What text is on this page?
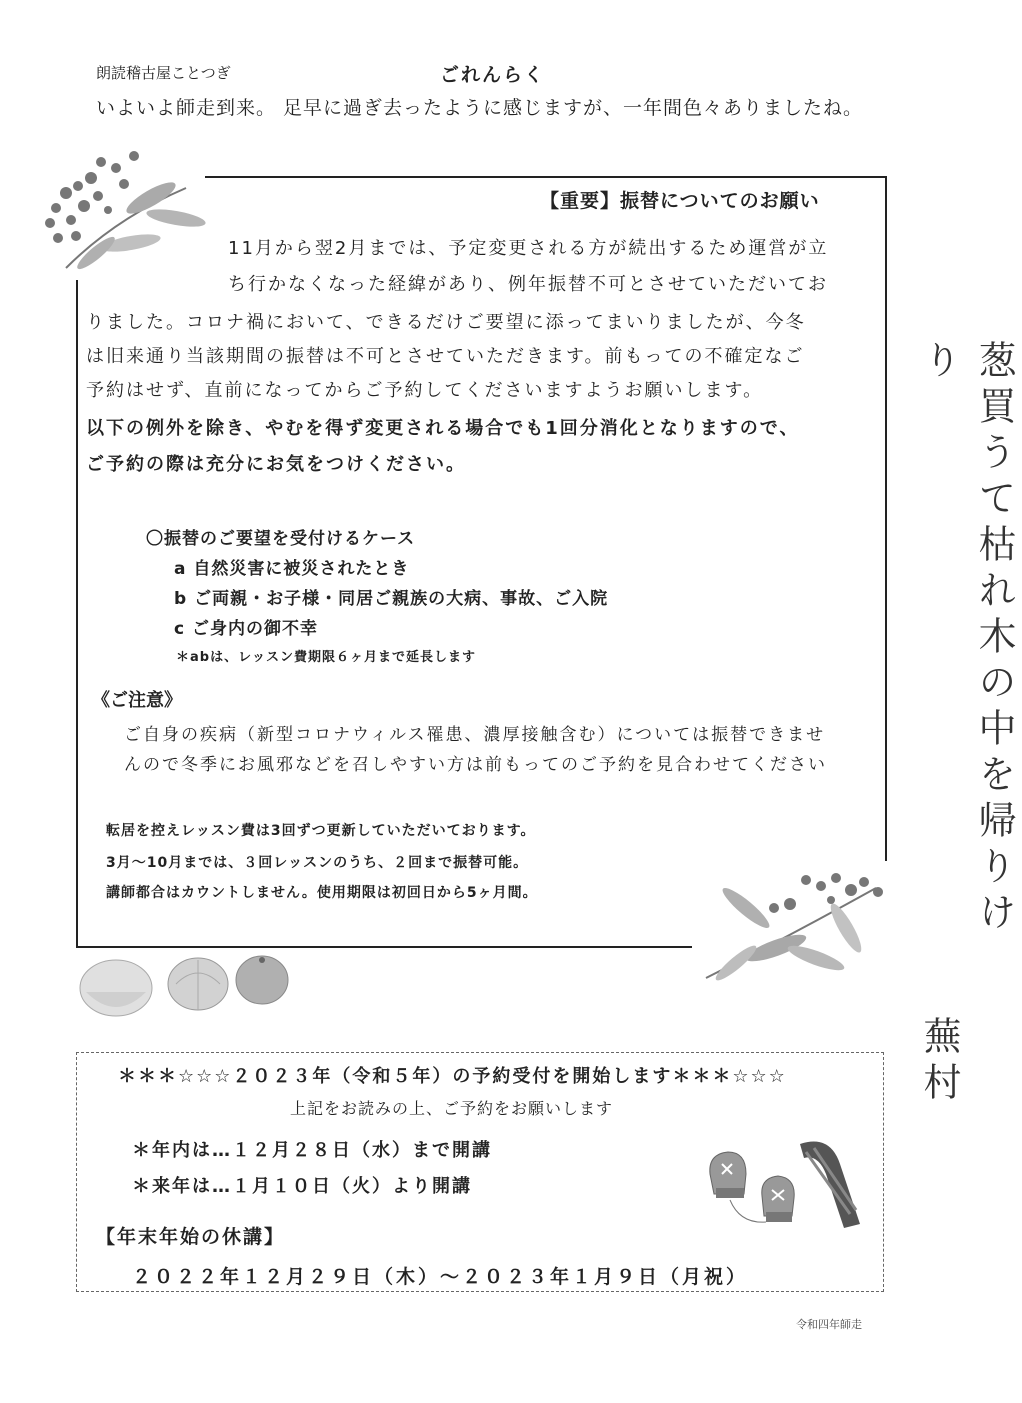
朗読稽古屋ことつぎ	ごれんらく
いよいよ師走到来。 足早に過ぎ去ったように感じますが、一年間色々ありましたね。
【重要】振替についてのお願い
11月から翌2月までは、予定変更される方が続出するため運営が立
ち行かなくなった経緯があり、例年振替不可とさせていただいてお
りました。コロナ禍において、できるだけご要望に添ってまいりましたが、今冬
は旧来通り当該期間の振替は不可とさせていただきます。前もっての不確定なご
予約はせず、直前になってからご予約してくださいますようお願いします。
以下の例外を除き、やむを得ず変更される場合でも1回分消化となりますので、
ご予約の際は充分にお気をつけください。
〇振替のご要望を受付けるケース
a 自然災害に被災されたとき
b ご両親・お子様・同居ご親族の大病、事故、ご入院
c ご身内の御不幸
＊abは、レッスン費期限６ヶ月まで延長します
《ご注意》
ご自身の疾病（新型コロナウィルス罹患、濃厚接触含む）については振替できませ
んので冬季にお風邪などを召しやすい方は前もってのご予約を見合わせてください
転居を控えレッスン費は3回ずつ更新していただいております。
3月～10月までは、３回レッスンのうち、２回まで振替可能。
講師都合はカウントしません。使用期限は初回日から5ヶ月間。	葱買うて枯れ木の中を帰りけり
蕪村
＊＊＊☆☆☆２０２３年（令和５年）の予約受付を開始します＊＊＊☆☆☆
上記をお読みの上、ご予約をお願いします
＊年内は…１２月２８日（水）まで開講
＊来年は…１月１０日（火）より開講
【年末年始の休講】
２０２２年１２月２９日（木）～２０２３年１月９日（月祝）
令和四年師走
